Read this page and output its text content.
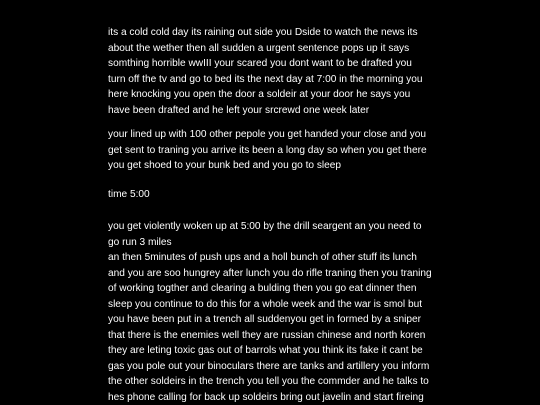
its a cold cold day its raining out side you Dside to watch the news its
about the wether then all sudden a urgent sentence pops up it says
somthing horrible wwIII your scared you dont want to be drafted you
turn off the tv and go to bed its the next day at 7:00 in the morning you
here knocking you open the door a soldeir at your door he says you
have been drafted and he left your srcrewd one week later
your lined up with 100 other pepole you get handed your close and you
get sent to traning you arrive its been a long day so when you get there
you get shoed to your bunk bed and you go to sleep
time 5:00
you get violently woken up at 5:00 by the drill seargent an you need to
go run 3 miles
an then 5minutes of push ups and a holl bunch of other stuff its lunch
and you are soo hungrey after lunch you do rifle traning then you traning
of working togther and clearing a bulding then you go eat dinner then
sleep you continue to do this for a whole week and the war is smol but
you have been put in a trench all suddenyou get in formed by a sniper
that there is the enemies well they are russian chinese and north koren
they are leting toxic gas out of barrols what you think its fake it cant be
gas you pole out your binoculars there are tanks and artillery you inform
the other soldeirs in the trench you tell you the commder and he talks to
hes phone calling for back up soldeirs bring out javelin and start fireing
